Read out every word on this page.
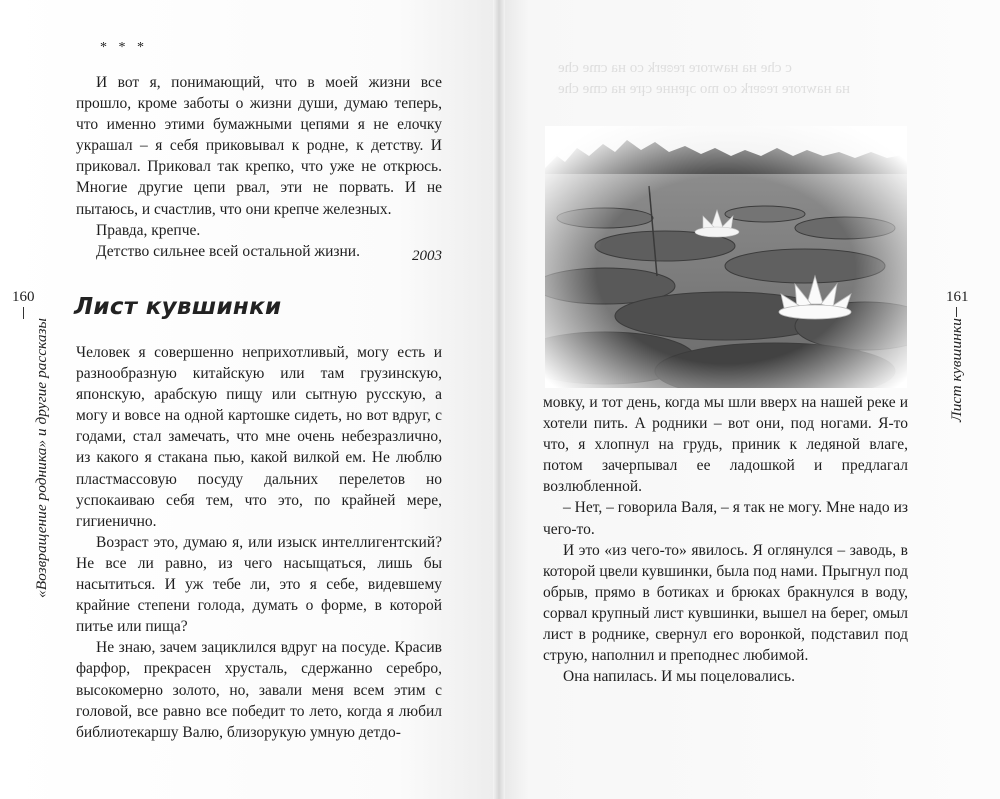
ǝɥɔ ǝɯɔ ɐн ǝɹƚɔ ǝннаƚс оɯ оɔ ʞɹаʚǝɹ ǝɹоɹʍɐн ɐн
ǝɥɔ ǝɯɔ ɐн оɔ ʞɹаʚǝɹ ǝɹоɹʍɐн ɐн ǝɥɔ ɔ
160
«Возвращение родника» и другие рассказы
* * *

И вот я, понимающий, что в моей жизни все прошло, кроме заботы о жизни души, думаю теперь, что именно этими бумажными цепями я не елочку украшал – я себя приковывал к родне, к детству. И приковал. Приковал так крепко, что уже не открюсь. Многие другие цепи рвал, эти не порвать. И не пытаюсь, и счастлив, что они крепче железных.

Правда, крепче.

Детство сильнее всей остальной жизни.	2003
Лист кувшинки

Человек я совершенно неприхотливый, могу есть и разнообразную китайскую или там грузинскую, японскую, арабскую пищу или сытную русскую, а могу и вовсе на одной картошке сидеть, но вот вдруг, с годами, стал замечать, что мне очень небезразлично, из какого я стакана пью, какой вилкой ем. Не люблю пластмассовую посуду дальних перелетов но успокаиваю себя тем, что это, по крайней мере, гигиенично.

Возраст это, думаю я, или изыск интеллигентский? Не все ли равно, из чего насыщаться, лишь бы насытиться. И уж тебе ли, это я себе, видевшему крайние степени голода, думать о форме, в которой питье или пища?

Не знаю, зачем зациклился вдруг на посуде. Красив фарфор, прекрасен хрусталь, сдержанно серебро, высокомерно золото, но, завали меня всем этим с головой, все равно все победит то лето, когда я любил библиотекаршу Валю, близорукую умную детдо-

мовку, и тот день, когда мы шли вверх на нашей реке и хотели пить. А родники – вот они, под ногами. Я-то что, я хлопнул на грудь, приник к ледяной влаге, потом зачерпывал ее ладошкой и предлагал возлюбленной.

– Нет, – говорила Валя, – я так не могу. Мне надо из чего-то.

И это «из чего-то» явилось. Я оглянулся – заводь, в которой цвели кувшинки, была под нами. Прыгнул под обрыв, прямо в ботиках и брюках бракнулся в воду, сорвал крупный лист кувшинки, вышел на берег, омыл лист в роднике, свернул его воронкой, подставил под струю, наполнил и преподнес любимой.

Она напилась. И мы поцеловались.

161
Лист кувшинки
